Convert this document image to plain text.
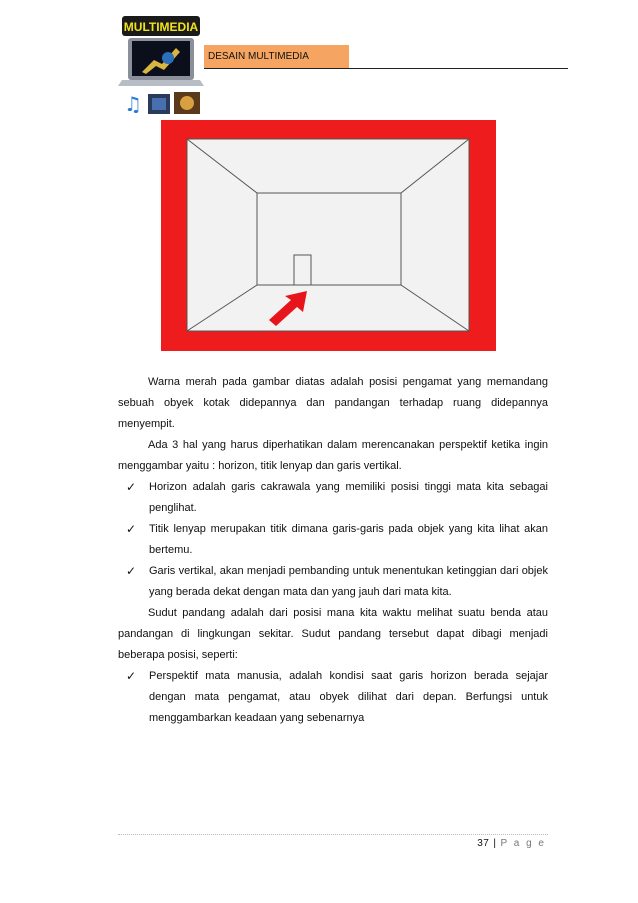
MULTIMEDIA
♫
DESAIN MULTIMEDIA

Warna merah pada gambar diatas adalah posisi pengamat yang memandang sebuah obyek kotak didepannya dan pandangan terhadap ruang didepannya menyempit.

Ada 3 hal yang harus diperhatikan dalam merencanakan perspektif ketika ingin menggambar yaitu : horizon, titik lenyap dan garis vertikal.

✓ Horizon adalah garis cakrawala yang memiliki posisi tinggi mata kita sebagai penglihat.
✓ Titik lenyap merupakan titik dimana garis-garis pada objek yang kita lihat akan bertemu.
✓ Garis vertikal, akan menjadi pembanding untuk menentukan ketinggian dari objek yang berada dekat dengan mata dan yang jauh dari mata kita.

Sudut pandang adalah dari posisi mana kita waktu melihat suatu benda atau pandangan di lingkungan sekitar. Sudut pandang tersebut dapat dibagi menjadi beberapa posisi, seperti:

✓ Perspektif mata manusia, adalah kondisi saat garis horizon berada sejajar dengan mata pengamat, atau obyek dilihat dari depan. Berfungsi untuk menggambarkan keadaan yang sebenarnya
37 | P a g e
